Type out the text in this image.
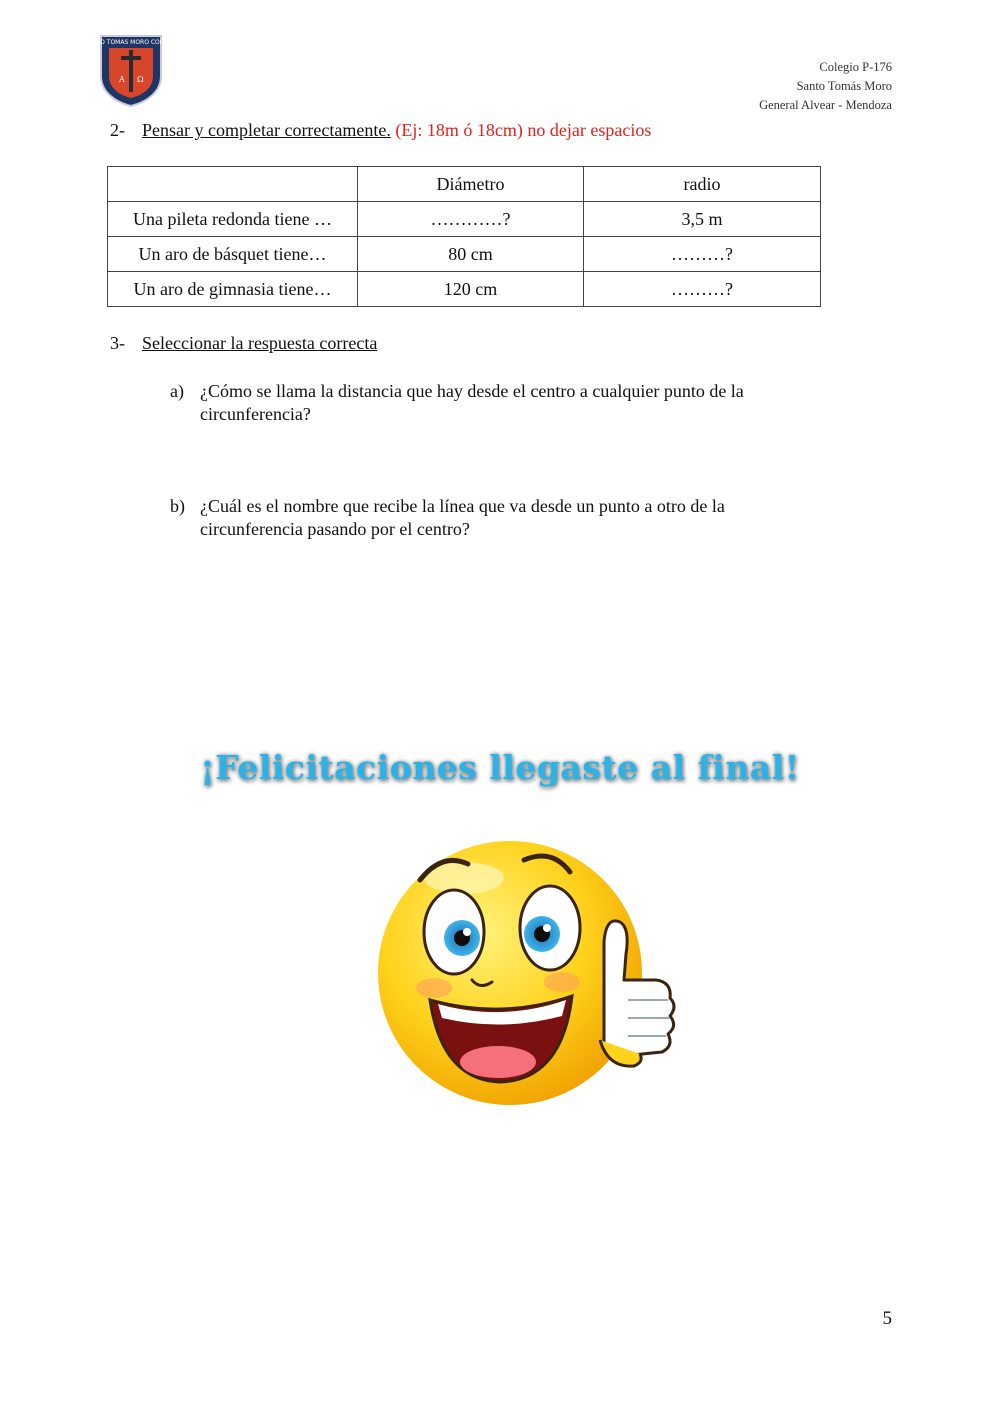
A Ω
SANTO TOMAS MORO COLEGIO
Colegio P-176
Santo Tomás Moro
General Alvear - Mendoza
2- Pensar y completar correctamente. (Ej: 18m ó 18cm) no dejar espacios
	Diámetro	radio
Una pileta redonda tiene …	…………?	3,5 m
Un aro de básquet tiene…	80 cm	………?
Un aro de gimnasia tiene…	120 cm	………?
3- Seleccionar la respuesta correcta
a) ¿Cómo se llama la distancia que hay desde el centro a cualquier punto de la circunferencia?
b) ¿Cuál es el nombre que recibe la línea que va desde un punto a otro de la circunferencia pasando por el centro?
¡Felicitaciones llegaste al final!
5
